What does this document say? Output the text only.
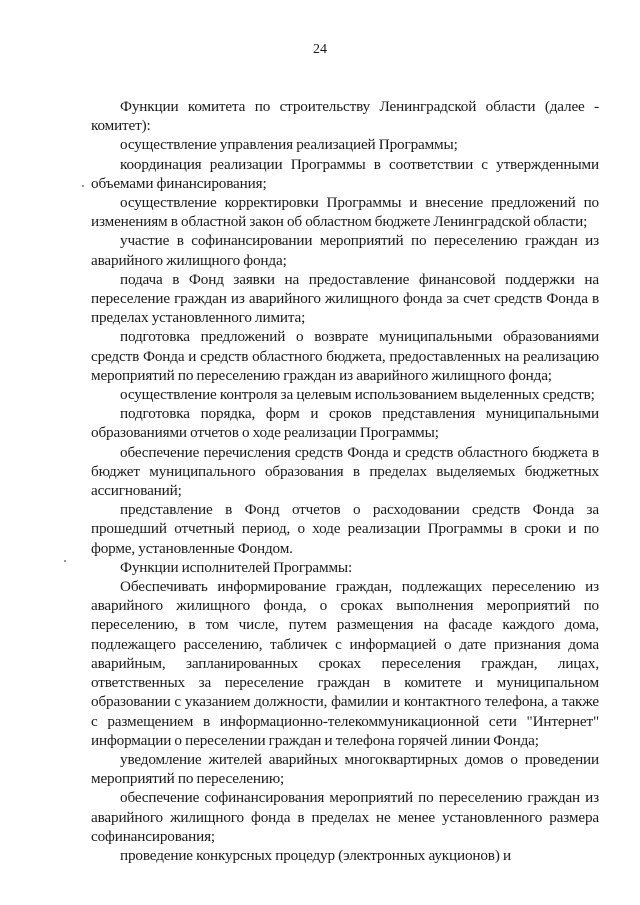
24

Функции комитета по строительству Ленинградской области (далее - комитет):

осуществление управления реализацией Программы;

координация реализации Программы в соответствии с утвержденными объемами финансирования;

осуществление корректировки Программы и внесение предложений по изменениям в областной закон об областном бюджете Ленинградской области;

участие в софинансировании мероприятий по переселению граждан из аварийного жилищного фонда;

подача в Фонд заявки на предоставление финансовой поддержки на переселение граждан из аварийного жилищного фонда за счет средств Фонда в пределах установленного лимита;

подготовка предложений о возврате муниципальными образованиями средств Фонда и средств областного бюджета, предоставленных на реализацию мероприятий по переселению граждан из аварийного жилищного фонда;

осуществление контроля за целевым использованием выделенных средств;

подготовка порядка, форм и сроков представления муниципальными образованиями отчетов о ходе реализации Программы;

обеспечение перечисления средств Фонда и средств областного бюджета в бюджет муниципального образования в пределах выделяемых бюджетных ассигнований;

представление в Фонд отчетов о расходовании средств Фонда за прошедший отчетный период, о ходе реализации Программы в сроки и по форме, установленные Фондом.

Функции исполнителей Программы:

Обеспечивать информирование граждан, подлежащих переселению из аварийного жилищного фонда, о сроках выполнения мероприятий по переселению, в том числе, путем размещения на фасаде каждого дома, подлежащего расселению, табличек с информацией о дате признания дома аварийным, запланированных сроках переселения граждан, лицах, ответственных за переселение граждан в комитете и муниципальном образовании с указанием должности, фамилии и контактного телефона, а также с размещением в информационно-телекоммуникационной сети "Интернет" информации о переселении граждан и телефона горячей линии Фонда;

уведомление жителей аварийных многоквартирных домов о проведении мероприятий по переселению;

обеспечение софинансирования мероприятий по переселению граждан из аварийного жилищного фонда в пределах не менее установленного размера софинансирования;

проведение конкурсных процедур (электронных аукционов) и
